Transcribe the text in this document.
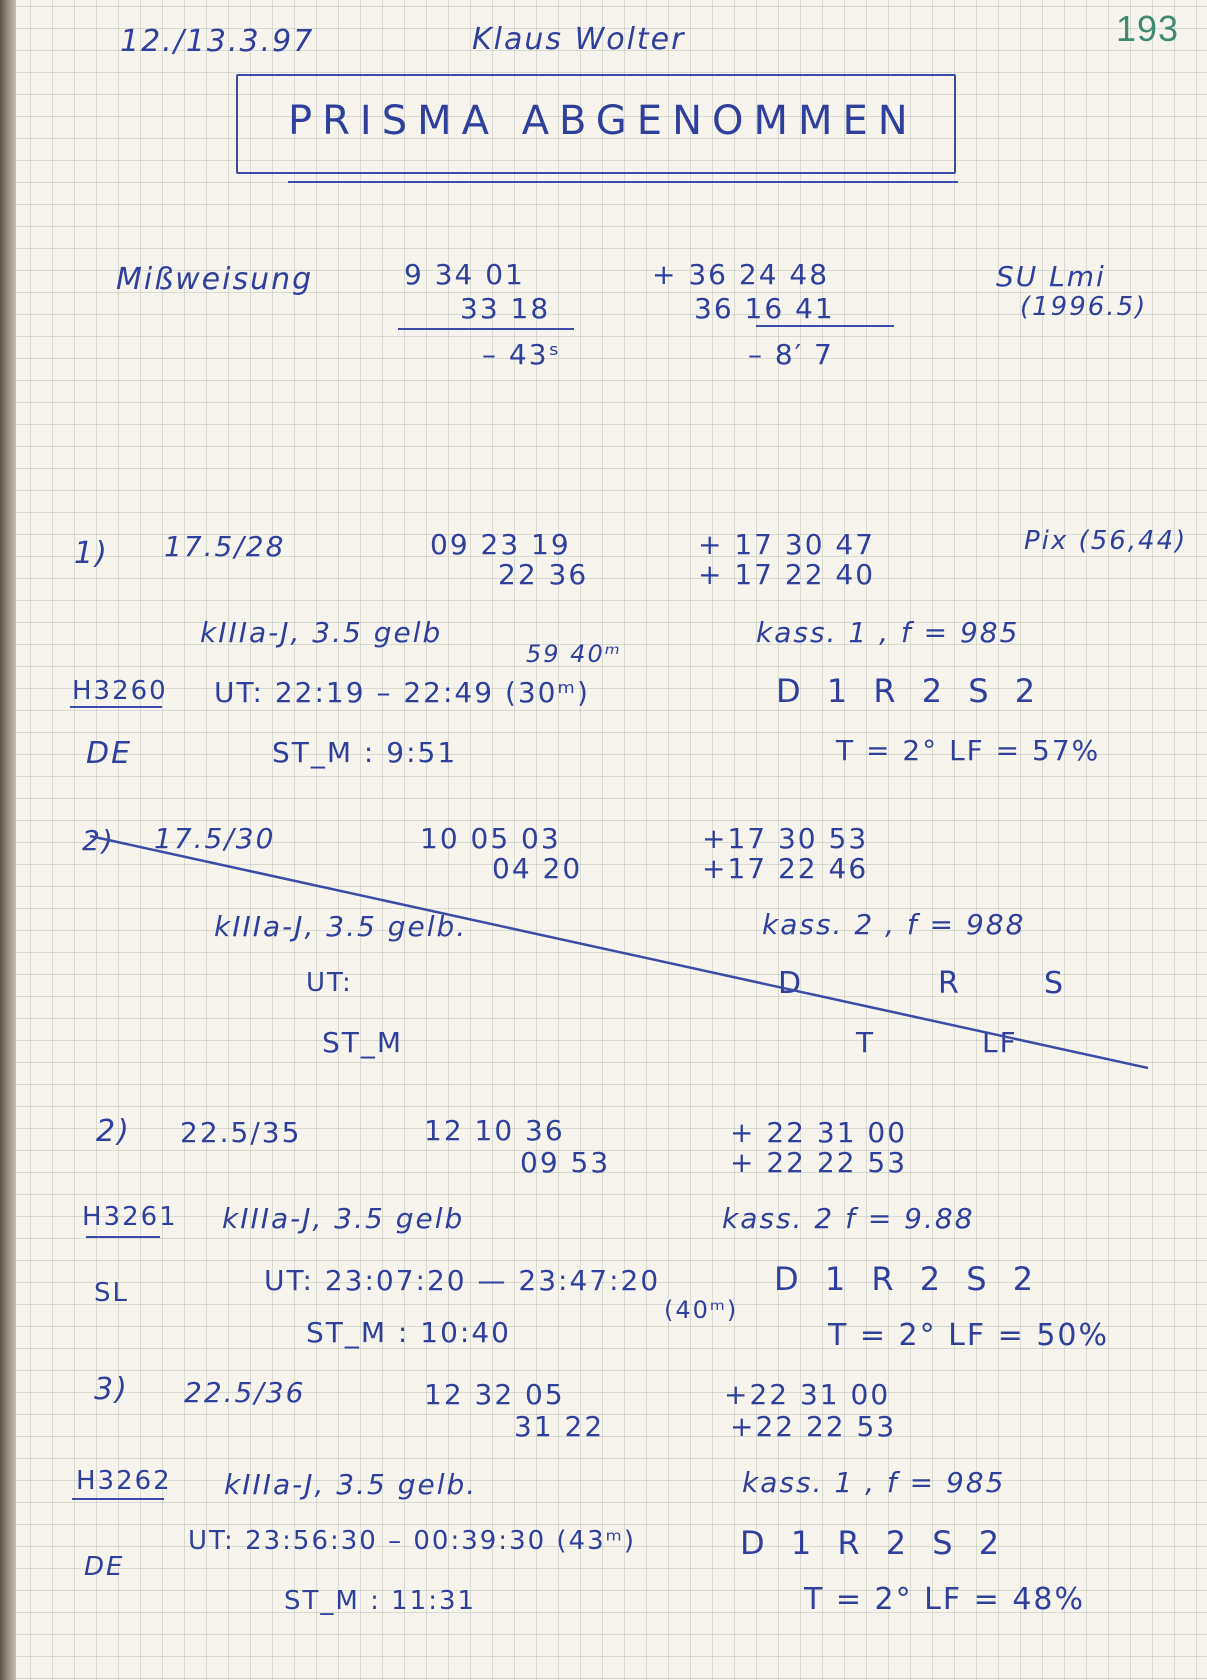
193
12./13.3.97	Klaus Wolter
PRISMA ABGENOMMEN
Mißweisung	9 34 01
33 18
– 43ˢ
+ 36 24 48
36 16 41
– 8′ 7
SU Lmi
(1996.5)
1) 17.5/28	09 23 19
22 36
+ 17 30 47
+ 17 22 40
Pix (56,44)
kIIIa-J, 3.5 gelb	kass. 1 , f = 985
59 40ᵐ
H3260 UT: 22:19 – 22:49 (30ᵐ)	D 1 R 2 S 2
DE	ST_M : 9:51	T = 2° LF = 57%
2) 17.5/30	10 05 03
04 20
+17 30 53
+17 22 46
kIIIa-J, 3.5 gelb.	kass. 2 , f = 988
UT:	D	R	S
ST_M	T	LF
2) 22.5/35	12 10 36
09 53
+ 22 31 00
+ 22 22 53
H3261 kIIIa-J, 3.5 gelb	kass. 2 f = 9.88
SL	UT: 23:07:20 — 23:47:20
(40ᵐ)
D 1 R 2 S 2
ST_M : 10:40	T = 2° LF = 50%
3) 22.5/36	12 32 05
31 22
+22 31 00
+22 22 53
H3262 kIIIa-J, 3.5 gelb.	kass. 1 , f = 985
UT: 23:56:30 – 00:39:30 (43ᵐ)
DE
D 1 R 2 S 2
ST_M : 11:31	T = 2° LF = 48%
